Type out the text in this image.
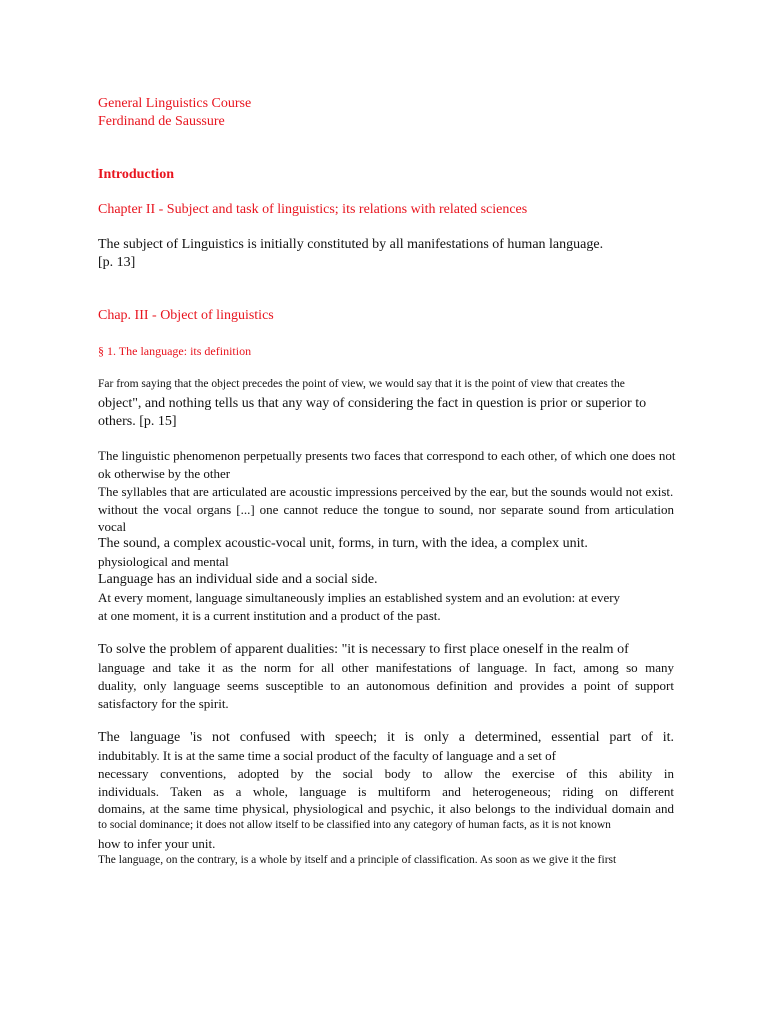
General Linguistics Course
Ferdinand de Saussure
Introduction
Chapter II - Subject and task of linguistics; its relations with related sciences
The subject of Linguistics is initially constituted by all manifestations of human language.
[p. 13]
Chap. III - Object of linguistics
§ 1. The language: its definition
Far from saying that the object precedes the point of view, we would say that it is the point of view that creates the
object", and nothing tells us that any way of considering the fact in question is prior or superior to
others. [p. 15]
The linguistic phenomenon perpetually presents two faces that correspond to each other, of which one does not
ok otherwise by the other
The syllables that are articulated are acoustic impressions perceived by the ear, but the sounds would not exist.
without the vocal organs [...] one cannot reduce the tongue to sound, nor separate sound from articulation
vocal
The sound, a complex acoustic-vocal unit, forms, in turn, with the idea, a complex unit.
physiological and mental
Language has an individual side and a social side.
At every moment, language simultaneously implies an established system and an evolution: at every
at one moment, it is a current institution and a product of the past.
To solve the problem of apparent dualities: "it is necessary to first place oneself in the realm of
language and take it as the norm for all other manifestations of language. In fact, among so many
duality, only language seems susceptible to an autonomous definition and provides a point of support
satisfactory for the spirit.
The language 'is not confused with speech; it is only a determined, essential part of it.
indubitably. It is at the same time a social product of the faculty of language and a set of
necessary conventions, adopted by the social body to allow the exercise of this ability in
individuals. Taken as a whole, language is multiform and heterogeneous; riding on different
domains, at the same time physical, physiological and psychic, it also belongs to the individual domain and
to social dominance; it does not allow itself to be classified into any category of human facts, as it is not known
how to infer your unit.
The language, on the contrary, is a whole by itself and a principle of classification. As soon as we give it the first
